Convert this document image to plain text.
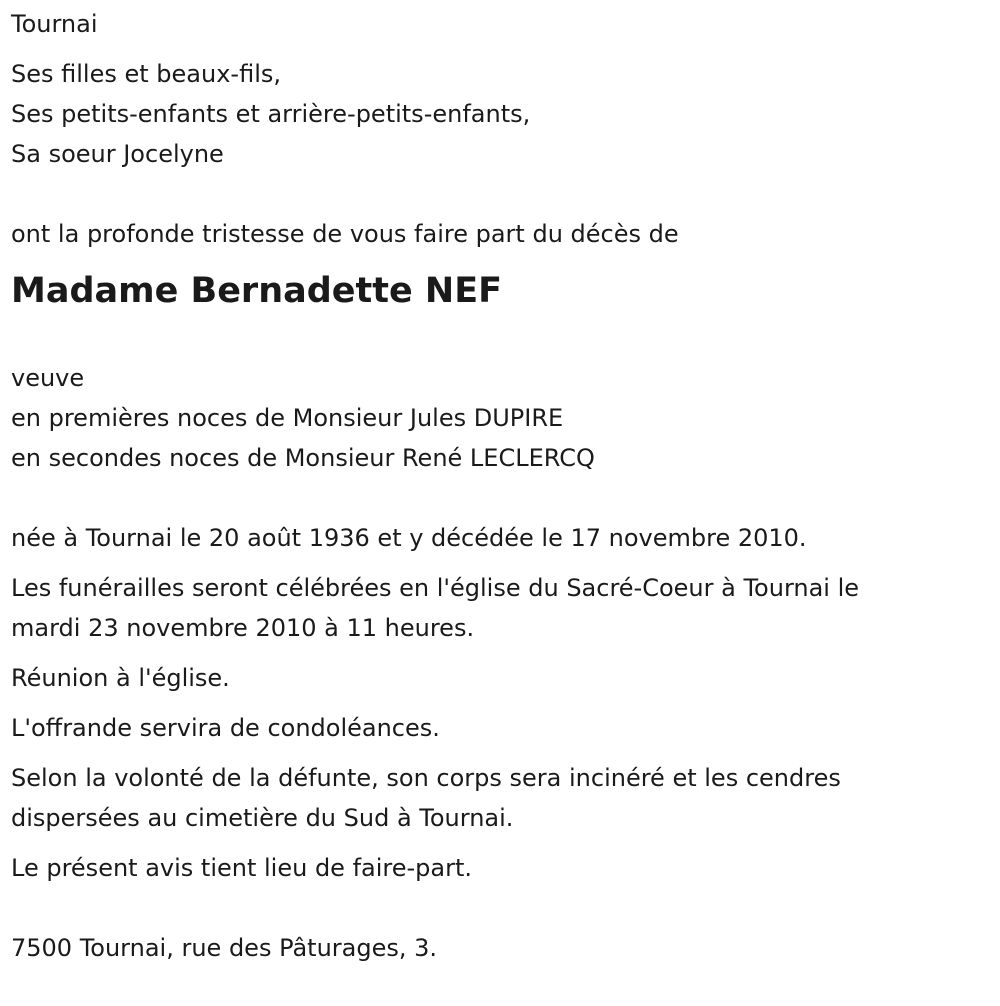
Tournai
Ses filles et beaux-fils,
Ses petits-enfants et arrière-petits-enfants,
Sa soeur Jocelyne
ont la profonde tristesse de vous faire part du décès de
Madame Bernadette NEF
veuve
en premières noces de Monsieur Jules DUPIRE
en secondes noces de Monsieur René LECLERCQ
née à Tournai le 20 août 1936 et y décédée le 17 novembre 2010.
Les funérailles seront célébrées en l'église du Sacré-Coeur à Tournai le
mardi 23 novembre 2010 à 11 heures.
Réunion à l'église.
L'offrande servira de condoléances.
Selon la volonté de la défunte, son corps sera incinéré et les cendres
dispersées au cimetière du Sud à Tournai.
Le présent avis tient lieu de faire-part.
7500 Tournai, rue des Pâturages, 3.
